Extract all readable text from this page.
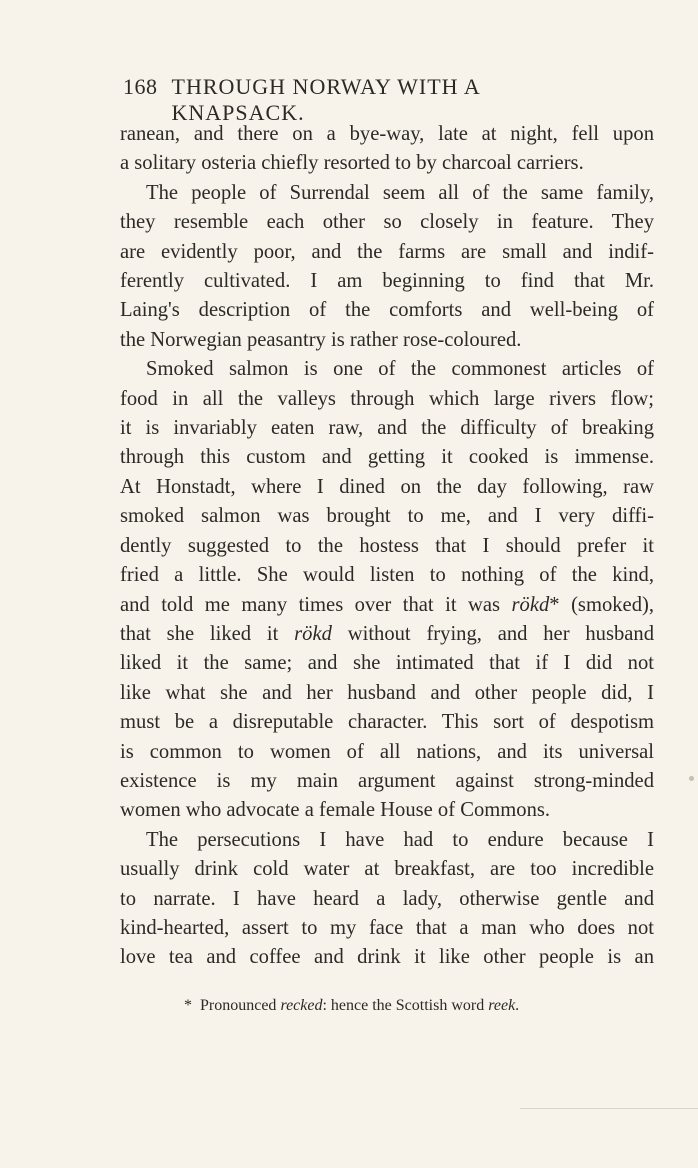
168 THROUGH NORWAY WITH A KNAPSACK.
ranean, and there on a bye-way, late at night, fell upon
a solitary osteria chiefly resorted to by charcoal carriers.
The people of Surrendal seem all of the same family,
they resemble each other so closely in feature. They
are evidently poor, and the farms are small and indif-
ferently cultivated. I am beginning to find that Mr.
Laing's description of the comforts and well-being of
the Norwegian peasantry is rather rose-coloured.
Smoked salmon is one of the commonest articles of
food in all the valleys through which large rivers flow;
it is invariably eaten raw, and the difficulty of breaking
through this custom and getting it cooked is immense.
At Honstadt, where I dined on the day following, raw
smoked salmon was brought to me, and I very diffi-
dently suggested to the hostess that I should prefer it
fried a little. She would listen to nothing of the kind,
and told me many times over that it was rökd* (smoked),
that she liked it rökd without frying, and her husband
liked it the same; and she intimated that if I did not
like what she and her husband and other people did, I
must be a disreputable character. This sort of despotism
is common to women of all nations, and its universal
existence is my main argument against strong-minded
women who advocate a female House of Commons.
The persecutions I have had to endure because I
usually drink cold water at breakfast, are too incredible
to narrate. I have heard a lady, otherwise gentle and
kind-hearted, assert to my face that a man who does not
love tea and coffee and drink it like other people is an
* Pronounced recked: hence the Scottish word reek.
